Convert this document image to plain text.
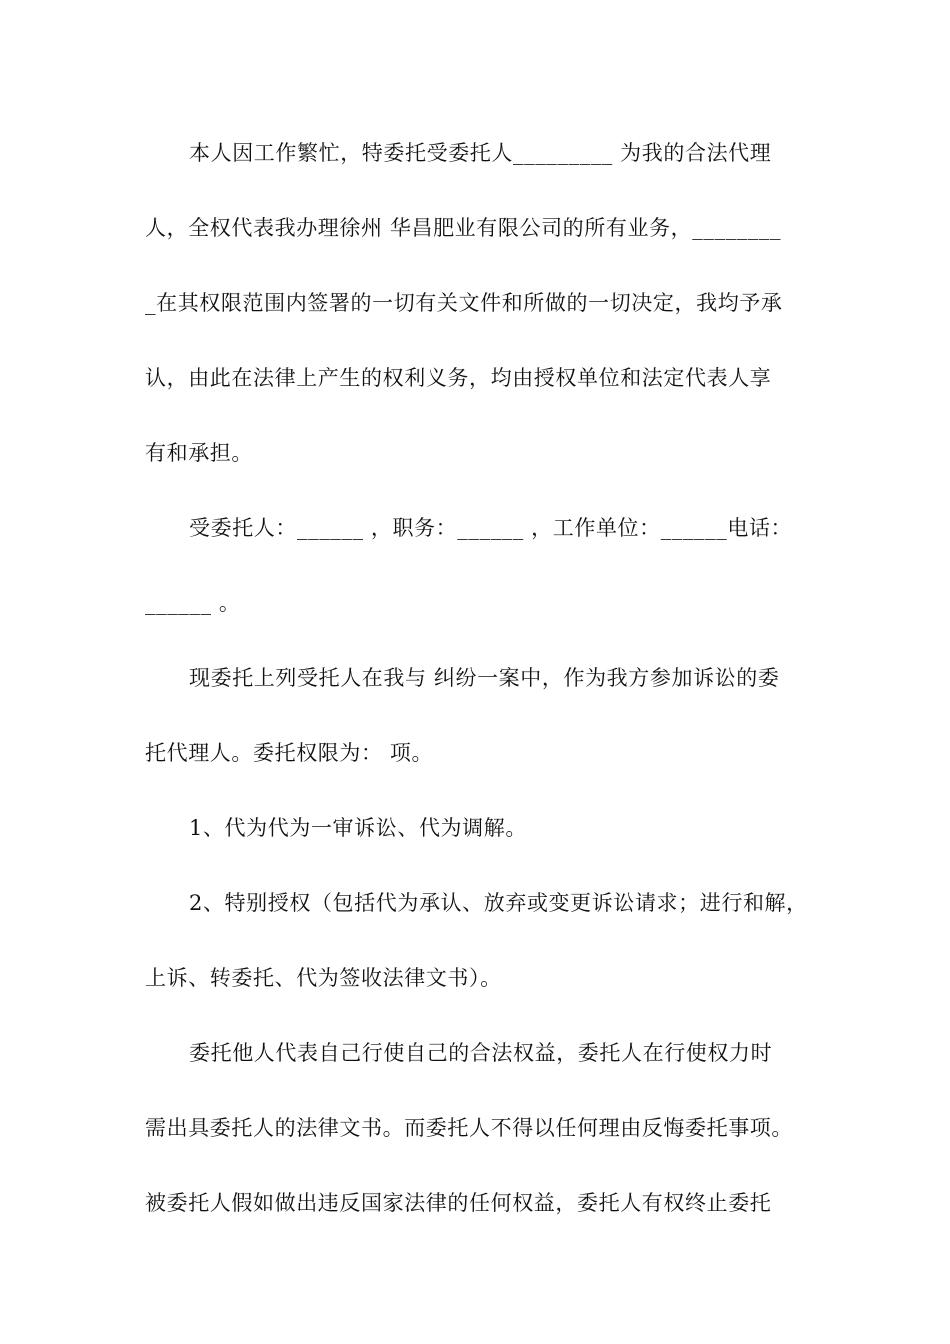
本人因工作繁忙，特委托受委托人_________ 为我的合法代理
人，全权代表我办理徐州 华昌肥业有限公司的所有业务，________
_在其权限范围内签署的一切有关文件和所做的一切决定，我均予承
认，由此在法律上产生的权利义务，均由授权单位和法定代表人享
有和承担。
受委托人：______ ，职务：______ ，工作单位：______电话：
______ 。
现委托上列受托人在我与 纠纷一案中，作为我方参加诉讼的委
托代理人。委托权限为： 项。
1、代为代为一审诉讼、代为调解。
2、特别授权（包括代为承认、放弃或变更诉讼请求；进行和解，
上诉、转委托、代为签收法律文书）。
委托他人代表自己行使自己的合法权益，委托人在行使权力时
需出具委托人的法律文书。而委托人不得以任何理由反悔委托事项。
被委托人假如做出违反国家法律的任何权益，委托人有权终止委托
